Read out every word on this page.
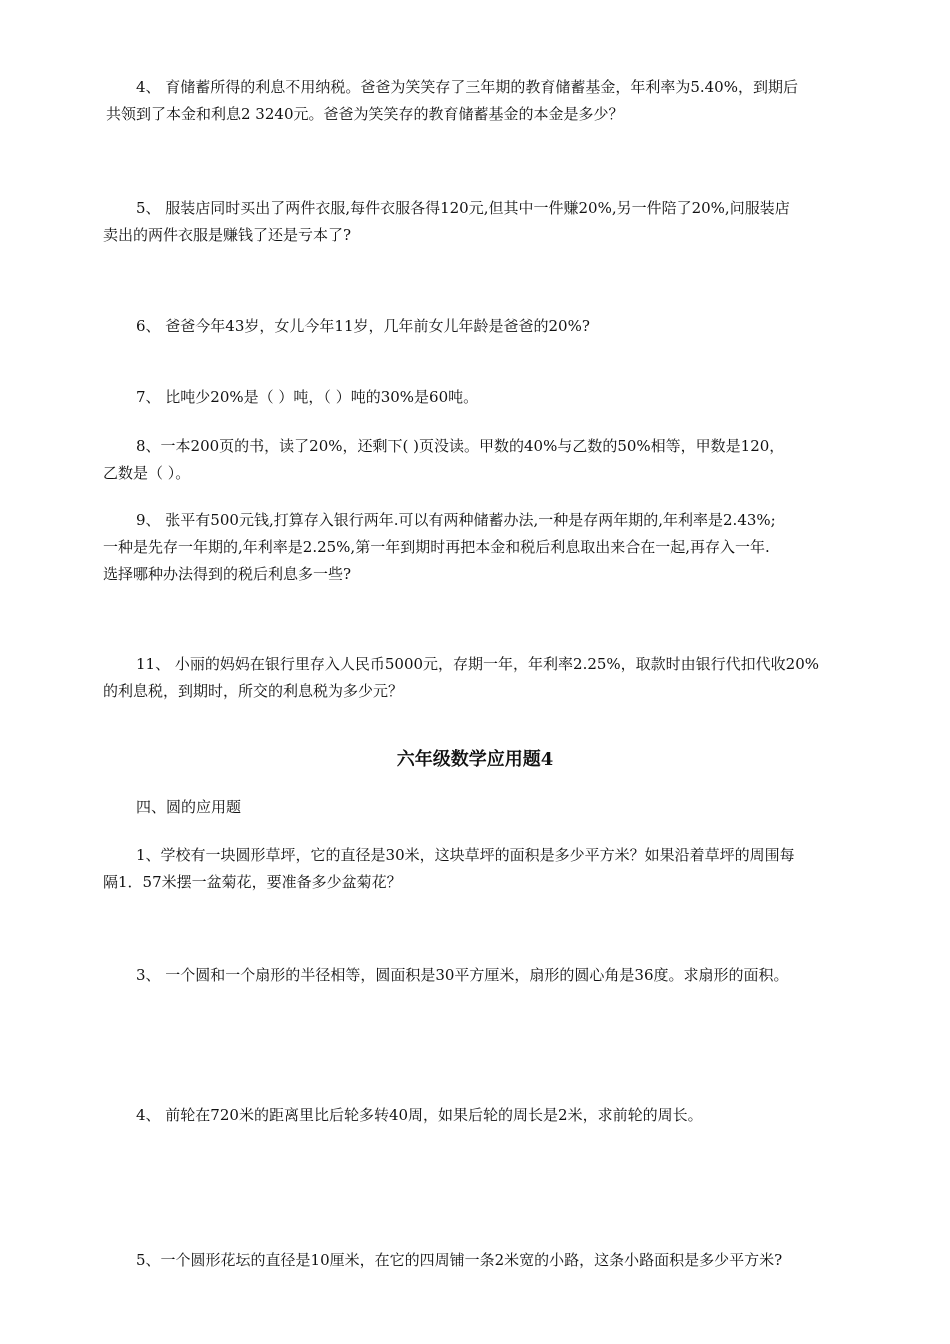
4、 育储蓄所得的利息不用纳税。爸爸为笑笑存了三年期的教育储蓄基金，年利率为5.40%，到期后
共领到了本金和利息2 3240元。爸爸为笑笑存的教育储蓄基金的本金是多少？
5、 服装店同时买出了两件衣服,每件衣服各得120元,但其中一件赚20%,另一件陪了20%,问服装店
卖出的两件衣服是赚钱了还是亏本了?
6、 爸爸今年43岁，女儿今年11岁，几年前女儿年龄是爸爸的20%?
7、 比吨少20%是（ ）吨，（ ）吨的30%是60吨。
8、一本200页的书，读了20%，还剩下( )页没读。甲数的40%与乙数的50%相等，甲数是120，
乙数是（ ）。
9、 张平有500元钱,打算存入银行两年.可以有两种储蓄办法,一种是存两年期的,年利率是2.43%;
一种是先存一年期的,年利率是2.25%,第一年到期时再把本金和税后利息取出来合在一起,再存入一年.
选择哪种办法得到的税后利息多一些?
11、 小丽的妈妈在银行里存入人民币5000元，存期一年，年利率2.25%，取款时由银行代扣代收20%
的利息税，到期时，所交的利息税为多少元？
六年级数学应用题4
四、圆的应用题
1、学校有一块圆形草坪，它的直径是30米，这块草坪的面积是多少平方米？如果沿着草坪的周围每
隔1．57米摆一盆菊花，要准备多少盆菊花？
3、 一个圆和一个扇形的半径相等，圆面积是30平方厘米，扇形的圆心角是36度。求扇形的面积。
4、 前轮在720米的距离里比后轮多转40周，如果后轮的周长是2米，求前轮的周长。
5、一个圆形花坛的直径是10厘米，在它的四周铺一条2米宽的小路，这条小路面积是多少平方米?
